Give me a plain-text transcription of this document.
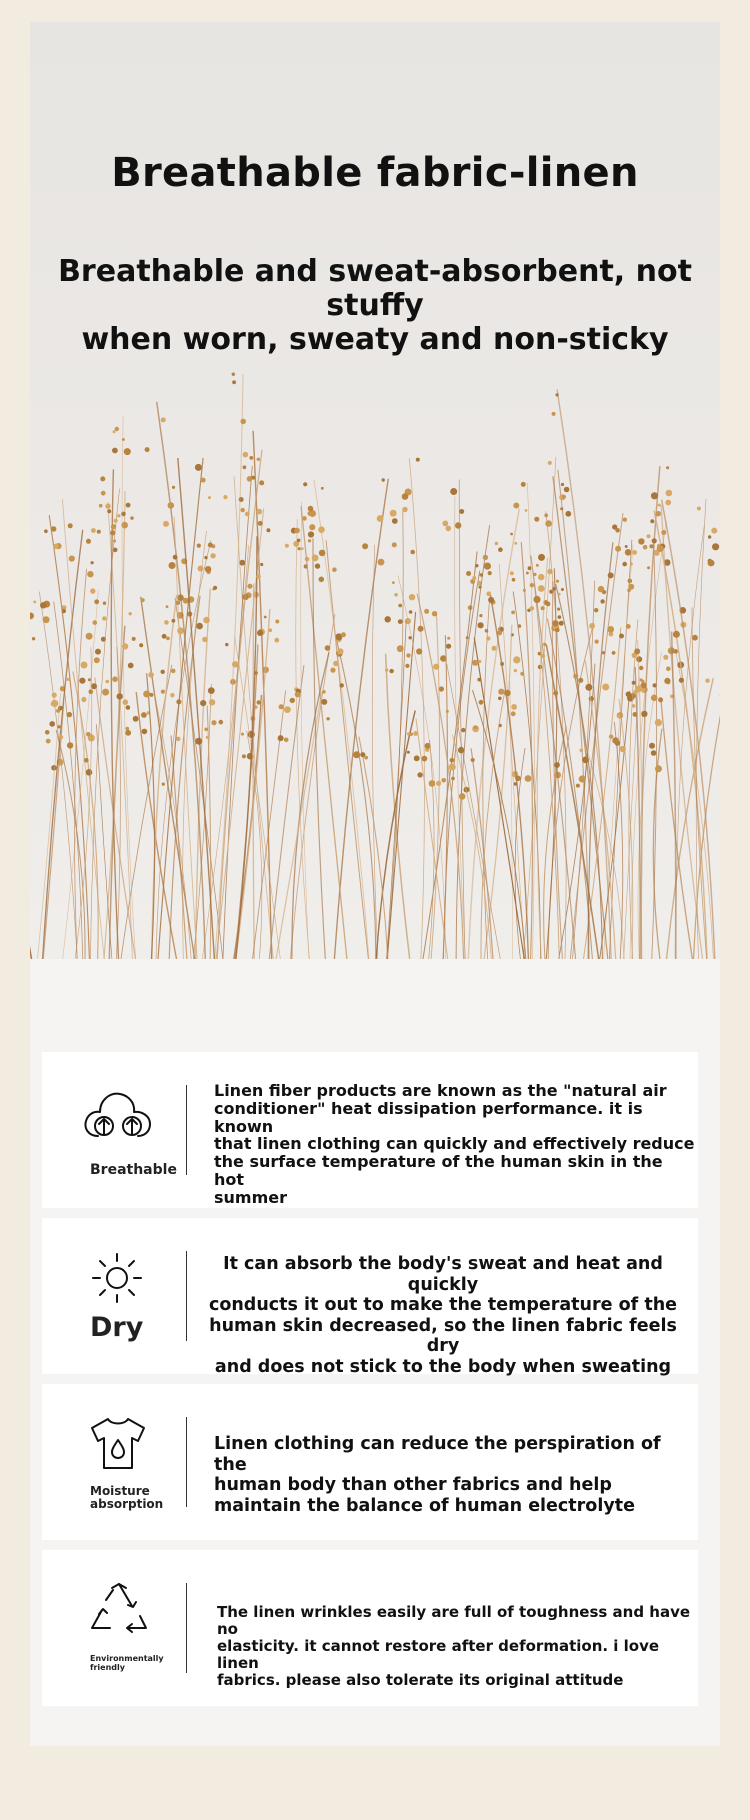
Breathable fabric-linen
Breathable and sweat-absorbent, not stuffy
when worn, sweaty and non-sticky
Breathable
Linen fiber products are known as the "natural air
conditioner" heat dissipation performance. it is known
that linen clothing can quickly and effectively reduce
the surface temperature of the human skin in the hot
summer
Dry
It can absorb the body's sweat and heat and quickly
conducts it out to make the temperature of the
human skin decreased, so the linen fabric feels dry
and does not stick to the body when sweating
Moisture
absorption
Linen clothing can reduce the perspiration of the
human body than other fabrics and help
maintain the balance of human electrolyte
Environmentally
friendly
The linen wrinkles easily are full of toughness and have no
elasticity. it cannot restore after deformation. i love linen
fabrics. please also tolerate its original attitude
